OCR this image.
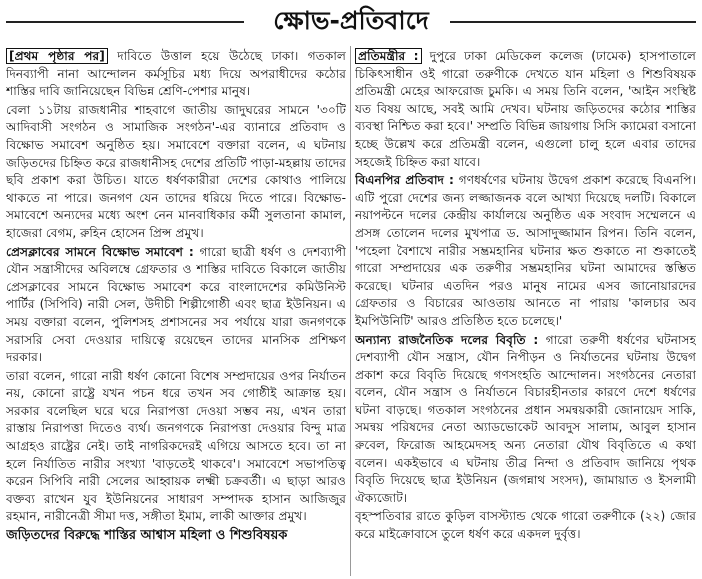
ক্ষোভ-প্রতিবাদে

[প্রথম পৃষ্ঠার পর] দাবিতে উত্তাল হয়ে উঠেছে ঢাকা। গতকাল দিনব্যাপী নানা আন্দোলন কর্মসূচির মধ্য দিয়ে অপরাধীদের কঠোর শাস্তির দাবি জানিয়েছেন বিভিন্ন শ্রেণি-পেশার মানুষ।

বেলা ১১টায় রাজধানীর শাহবাগে জাতীয় জাদুঘরের সামনে '৩০টি আদিবাসী সংগঠন ও সামাজিক সংগঠন'-এর ব্যানারে প্রতিবাদ ও বিক্ষোভ সমাবেশ অনুষ্ঠিত হয়। সমাবেশে বক্তারা বলেন, এ ঘটনায় জড়িতদের চিহ্নিত করে রাজধানীসহ দেশের প্রতিটি পাড়া-মহল্লায় তাদের ছবি প্রকাশ করা উচিত। যাতে ধর্ষণকারীরা দেশের কোথাও পালিয়ে থাকতে না পারে। জনগণ যেন তাদের ধরিয়ে দিতে পারে। বিক্ষোভ-সমাবেশে অন্যদের মধ্যে অংশ নেন মানবাধিকার কর্মী সুলতানা কামাল, হাজেরা বেগম, রুহিন হোসেন প্রিন্স প্রমুখ।

প্রেসক্লাবের সামনে বিক্ষোভ সমাবেশ : গারো ছাত্রী ধর্ষণ ও দেশব্যাপী যৌন সন্ত্রাসীদের অবিলম্বে গ্রেফতার ও শাস্তির দাবিতে বিকালে জাতীয় প্রেসক্লাবের সামনে বিক্ষোভ সমাবেশ করে বাংলাদেশের কমিউনিস্ট পার্টির (সিপিবি) নারী সেল, উদীচী শিল্পীগোষ্ঠী এবং ছাত্র ইউনিয়ন। এ সময় বক্তারা বলেন, পুলিশসহ প্রশাসনের সব পর্যায়ে যারা জনগণকে সরাসরি সেবা দেওয়ার দায়িত্বে রয়েছেন তাদের মানসিক প্রশিক্ষণ দরকার।

তারা বলেন, গারো নারী ধর্ষণ কোনো বিশেষ সম্প্রদায়ের ওপর নির্যাতন নয়, কোনো রাষ্ট্রে যখন পচন ধরে তখন সব গোষ্ঠীই আক্রান্ত হয়। সরকার বলেছিল ঘরে ঘরে নিরাপত্তা দেওয়া সম্ভব নয়, এখন তারা রাস্তায় নিরাপত্তা দিতেও ব্যর্থ। জনগণকে নিরাপত্তা দেওয়ার বিন্দু মাত্র আগ্রহও রাষ্ট্রের নেই। তাই নাগরিকদেরই এগিয়ে আসতে হবে। তা না হলে নির্যাতিত নারীর সংখ্যা 'বাড়তেই থাকবে'। সমাবেশে সভাপতিত্ব করেন সিপিবি নারী সেলের আহ্বায়ক লক্ষ্মী চক্রবর্তী। এ ছাড়া আরও বক্তব্য রাখেন যুব ইউনিয়নের সাধারণ সম্পাদক হাসান আজিজুর রহমান, নারীনেত্রী সীমা দত্ত, সঙ্গীতা ইমাম, লাকী আক্তার প্রমুখ।

জড়িতদের বিরুদ্ধে শাস্তির আশ্বাস মহিলা ও শিশুবিষয়ক

প্রতিমন্ত্রীর : দুপুরে ঢাকা মেডিকেল কলেজ (ঢামেক) হাসপাতালে চিকিৎসাধীন ওই গারো তরুণীকে দেখতে যান মহিলা ও শিশুবিষয়ক প্রতিমন্ত্রী মেহের আফরোজ চুমকি। এ সময় তিনি বলেন, 'আইন সংস্থিষ্ট যত বিষয় আছে, সবই আমি দেখব। ঘটনায় জড়িতদের কঠোর শাস্তির ব্যবস্থা নিশ্চিত করা হবে।' সম্প্রতি বিভিন্ন জায়গায় সিসি ক্যামেরা বসানো হচ্ছে উল্লেখ করে প্রতিমন্ত্রী বলেন, এগুলো চালু হলে এবার তাদের সহজেই চিহ্নিত করা যাবে।

বিএনপির প্রতিবাদ : গণধর্ষণের ঘটনায় উদ্বেগ প্রকাশ করেছে বিএনপি। এটি পুরো দেশের জন্য লজ্জাজনক বলে আখ্যা দিয়েছে দলটি। বিকালে নয়াপল্টনে দলের কেন্দ্রীয় কার্যালয়ে অনুষ্ঠিত এক সংবাদ সম্মেলনে এ প্রসঙ্গ তোলেন দলের মুখপাত্র ড. আসাদুজ্জামান রিপন। তিনি বলেন, 'পহেলা বৈশাখে নারীর সম্ভ্রমহানির ঘটনার ক্ষত শুকাতে না শুকাতেই গারো সম্প্রদায়ের এক তরুণীর সম্ভ্রমহানির ঘটনা আমাদের স্তম্ভিত করেছে। ঘটনার এতদিন পরও মানুষ নামের এসব জানোয়ারদের গ্রেফতার ও বিচারের আওতায় আনতে না পারায় 'কালচার অব ইমপিউনিটি' আরও প্রতিষ্ঠিত হতে চলেছে।'

অন্যান্য রাজনৈতিক দলের বিবৃতি : গারো তরুণী ধর্ষণের ঘটনাসহ দেশব্যাপী যৌন সন্ত্রাস, যৌন নিপীড়ন ও নির্যাতনের ঘটনায় উদ্বেগ প্রকাশ করে বিবৃতি দিয়েছে গণসংহতি আন্দোলন। সংগঠনের নেতারা বলেন, যৌন সন্ত্রাস ও নির্যাতনে বিচারহীনতার কারণে দেশে ধর্ষণের ঘটনা বাড়ছে। গতকাল সংগঠনের প্রধান সমন্বয়কারী জোনায়েদ সাকি, সমন্বয় পরিষদের নেতা অ্যাডভোকেট আবদুস সালাম, আবুল হাসান রুবেল, ফিরোজ আহমেদসহ অন্য নেতারা যৌথ বিবৃতিতে এ কথা বলেন। একইভাবে এ ঘটনায় তীব্র নিন্দা ও প্রতিবাদ জানিয়ে পৃথক বিবৃতি দিয়েছে ছাত্র ইউনিয়ন (জগন্নাথ সংসদ), জামায়াত ও ইসলামী ঐক্যজোট।

বৃহস্পতিবার রাতে কুড়িল বাসস্ট্যান্ড থেকে গারো তরুণীকে (২২) জোর করে মাইক্রোবাসে তুলে ধর্ষণ করে একদল দুর্বৃত্ত।
